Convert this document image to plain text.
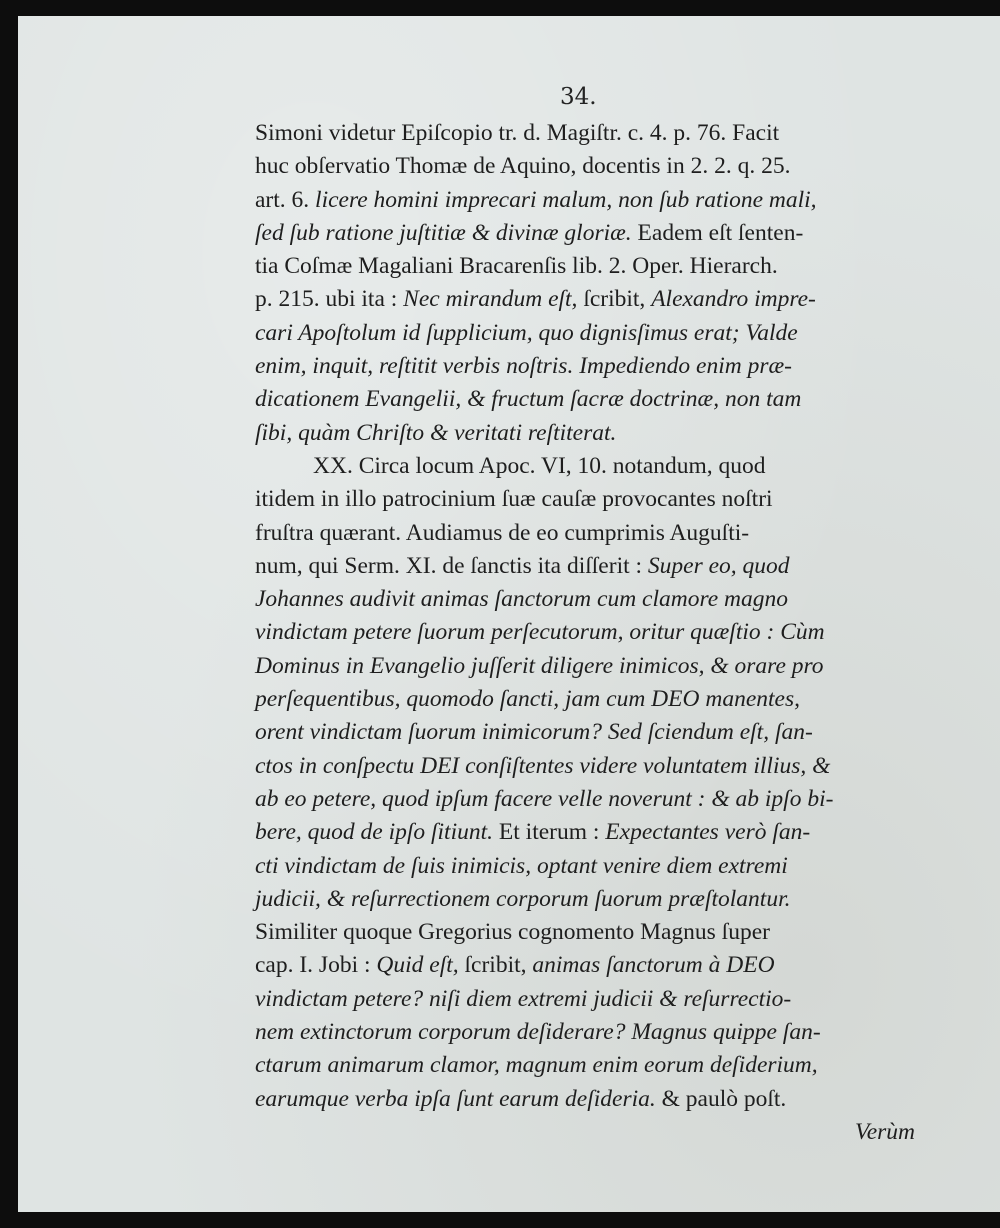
34.
Simoni videtur Epiſcopio tr. d. Magiſtr. c. 4. p. 76. Facit
huc obſervatio Thomæ de Aquino, docentis in 2. 2. q. 25.
art. 6. licere homini imprecari malum, non ſub ratione mali,
ſed ſub ratione juſtitiæ & divinæ gloriæ. Eadem eſt ſenten-
tia Coſmæ Magaliani Bracarenſis lib. 2. Oper. Hierarch.
p. 215. ubi ita : Nec mirandum eſt, ſcribit, Alexandro impre-
cari Apoſtolum id ſupplicium, quo dignisſimus erat; Valde
enim, inquit, reſtitit verbis noſtris. Impediendo enim præ-
dicationem Evangelii, & fructum ſacræ doctrinæ, non tam
ſibi, quàm Chriſto & veritati reſtiterat.
XX. Circa locum Apoc. VI, 10. notandum, quod
itidem in illo patrocinium ſuæ cauſæ provocantes noſtri
fruſtra quærant. Audiamus de eo cumprimis Auguſti-
num, qui Serm. XI. de ſanctis ita diſſerit : Super eo, quod
Johannes audivit animas ſanctorum cum clamore magno
vindictam petere ſuorum perſecutorum, oritur quæſtio : Cùm
Dominus in Evangelio juſſerit diligere inimicos, & orare pro
perſequentibus, quomodo ſancti, jam cum DEO manentes,
orent vindictam ſuorum inimicorum? Sed ſciendum eſt, ſan-
ctos in conſpectu DEI conſiſtentes videre voluntatem illius, &
ab eo petere, quod ipſum facere velle noverunt : & ab ipſo bi-
bere, quod de ipſo ſitiunt. Et iterum : Expectantes verò ſan-
cti vindictam de ſuis inimicis, optant venire diem extremi
judicii, & reſurrectionem corporum ſuorum præſtolantur.
Similiter quoque Gregorius cognomento Magnus ſuper
cap. I. Jobi : Quid eſt, ſcribit, animas ſanctorum à DEO
vindictam petere? niſi diem extremi judicii & reſurrectio-
nem extinctorum corporum deſiderare? Magnus quippe ſan-
ctarum animarum clamor, magnum enim eorum deſiderium,
earumque verba ipſa ſunt earum deſideria. & paulò poſt.
Verùm
